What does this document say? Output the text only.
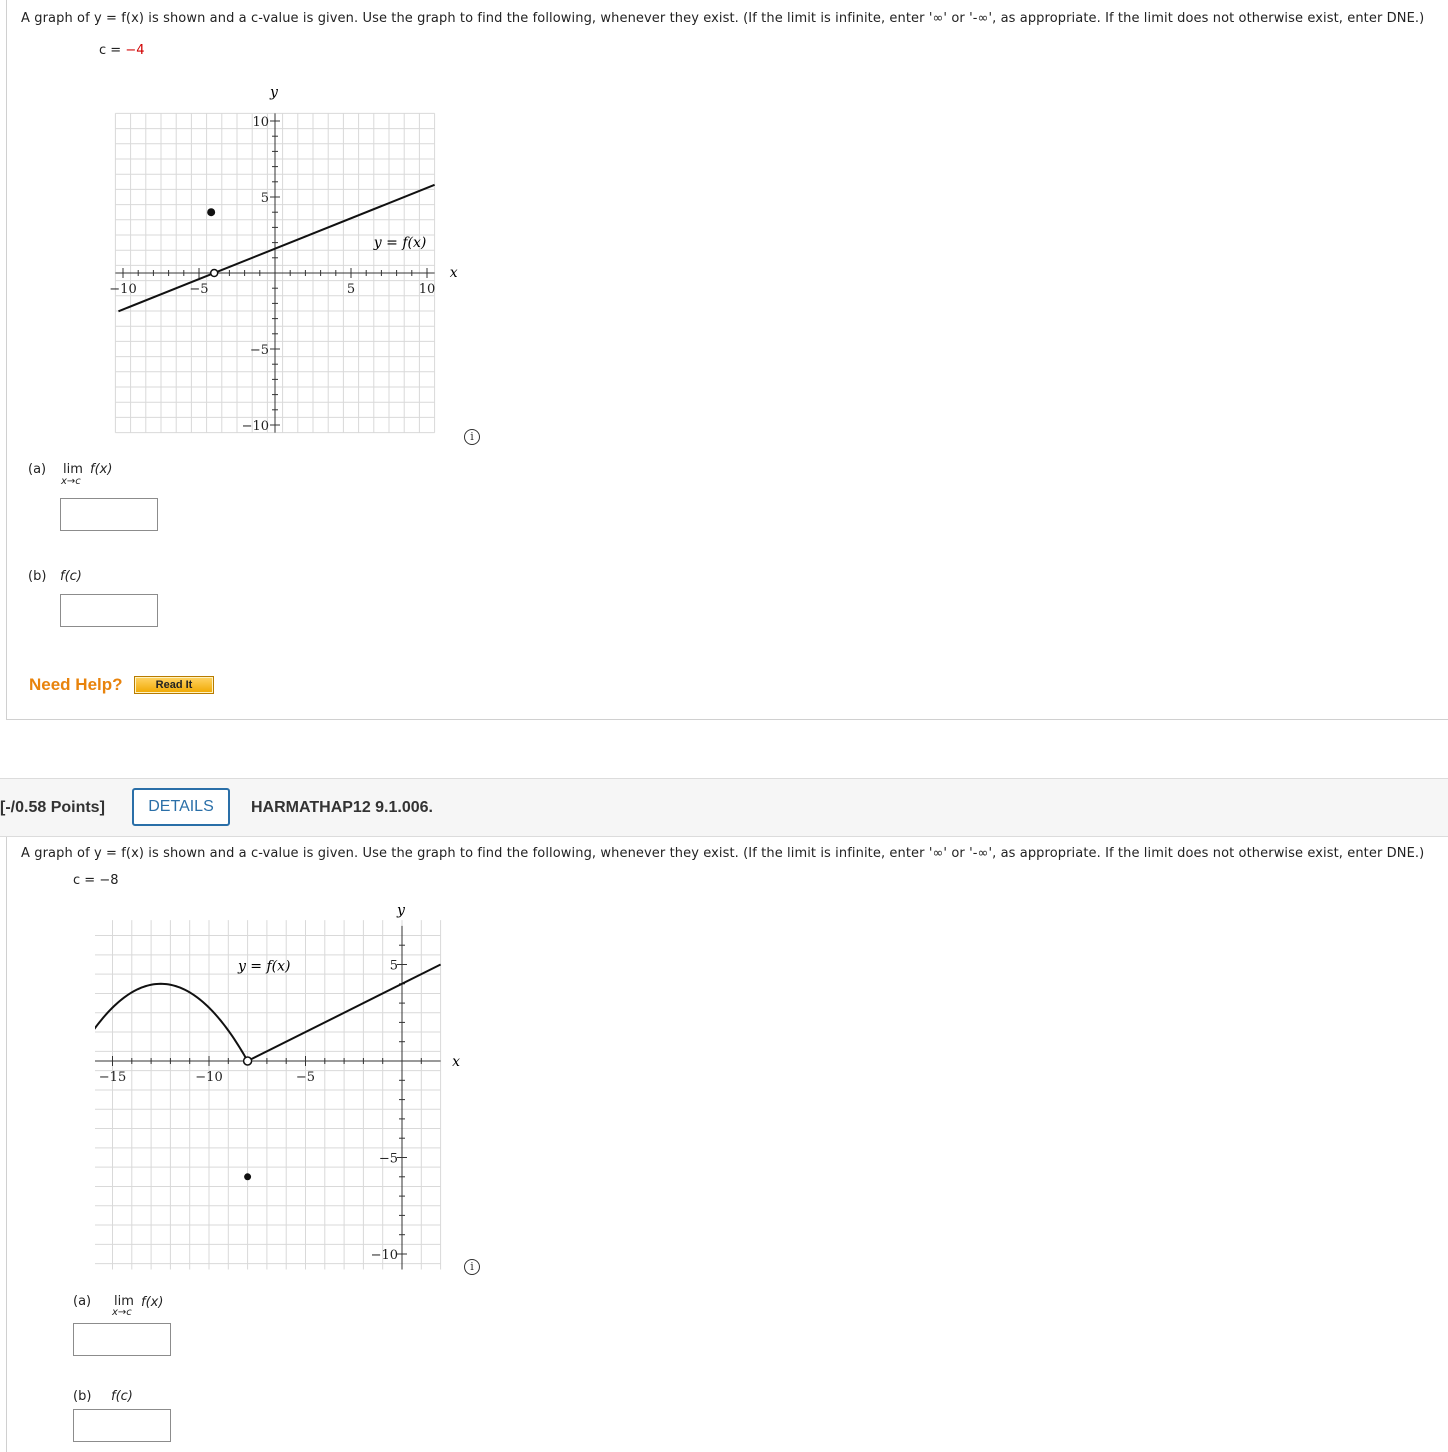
A graph of y = f(x) is shown and a c-value is given. Use the graph to find the following, whenever they exist. (If the limit is infinite, enter '∞' or '-∞', as appropriate. If the limit does not otherwise exist, enter DNE.)
c = −4
−10	−5	5	10
10
5
−5
−10
x
y
y = f(x)
i
(a) lim
x→c
f(x)
(b) f(c)
Need Help?	Read It
[-/0.58 Points]	DETAILS	HARMATHAP12 9.1.006.
A graph of y = f(x) is shown and a c-value is given. Use the graph to find the following, whenever they exist. (If the limit is infinite, enter '∞' or '-∞', as appropriate. If the limit does not otherwise exist, enter DNE.)
c = −8
−15	−10	−5
5
−5
−10
x
y
y = f(x)
i
(a) lim
x→c
f(x)
(b) f(c)
